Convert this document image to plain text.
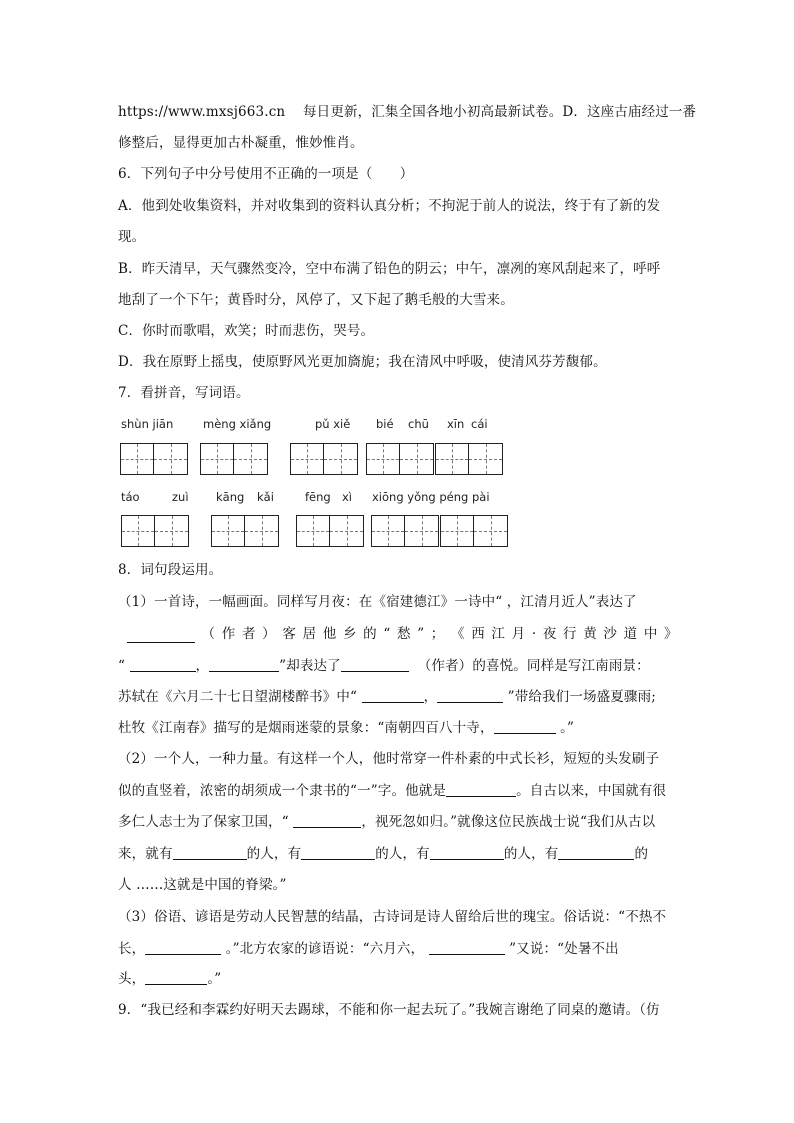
https://www.mxsj663.cn 每日更新，汇集全国各地小初高最新试卷。D．这座古庙经过一番
修整后，显得更加古朴凝重，惟妙惟肖。
6．下列句子中分号使用不正确的一项是（　　）
A．他到处收集资料，并对收集到的资料认真分析；不拘泥于前人的说法，终于有了新的发
现。
B．昨天清早，天气骤然变冷，空中布满了铅色的阴云；中午，凛冽的寒风刮起来了，呼呼
地刮了一个下午；黄昏时分，风停了，又下起了鹅毛般的大雪来。
C．你时而歌唱，欢笑；时而悲伤，哭号。
D．我在原野上摇曳，使原野风光更加旖旎；我在清风中呼吸，使清风芬芳馥郁。
7．看拼音，写词语。
shùn jiān	mèng xiǎng	pǔ xiě bié chū xīn cái
táo	zuì kāng kǎi	fēng xì xiōng yǒng péng pài
8．词句段运用。
（1）一首诗，一幅画面。同样写月夜：在《宿建德江》一诗中“ ，江清月近人”表达了
（ 作 者 ） 客 居 他 乡 的 “ 愁 ” ； 《 西 江 月 · 夜 行 黄 沙 道 中 》
“	，	”却表达了	（作者）的喜悦。同样是写江南雨景：
苏轼在《六月二十七日望湖楼醉书》中“	，	”带给我们一场盛夏骤雨;
杜牧《江南春》描写的是烟雨迷蒙的景象：“南朝四百八十寺，	。”
（2）一个人，一种力量。有这样一个人，他时常穿一件朴素的中式长衫，短短的头发刷子
似的直竖着，浓密的胡须成一个隶书的“一”字。他就是	。自古以来，中国就有很
多仁人志士为了保家卫国，“	，视死忽如归。”就像这位民族战士说“我们从古以
来，就有	的人，有	的人，有	的人，有	的
人 ……这就是中国的脊梁。”
（3）俗语、谚语是劳动人民智慧的结晶，古诗词是诗人留给后世的瑰宝。俗话说：“不热不
长，	。”北方农家的谚语说：“六月六，	”又说：“处暑不出
头，	。”
9．“我已经和李霖约好明天去踢球，不能和你一起去玩了。”我婉言谢绝了同桌的邀请。（仿
